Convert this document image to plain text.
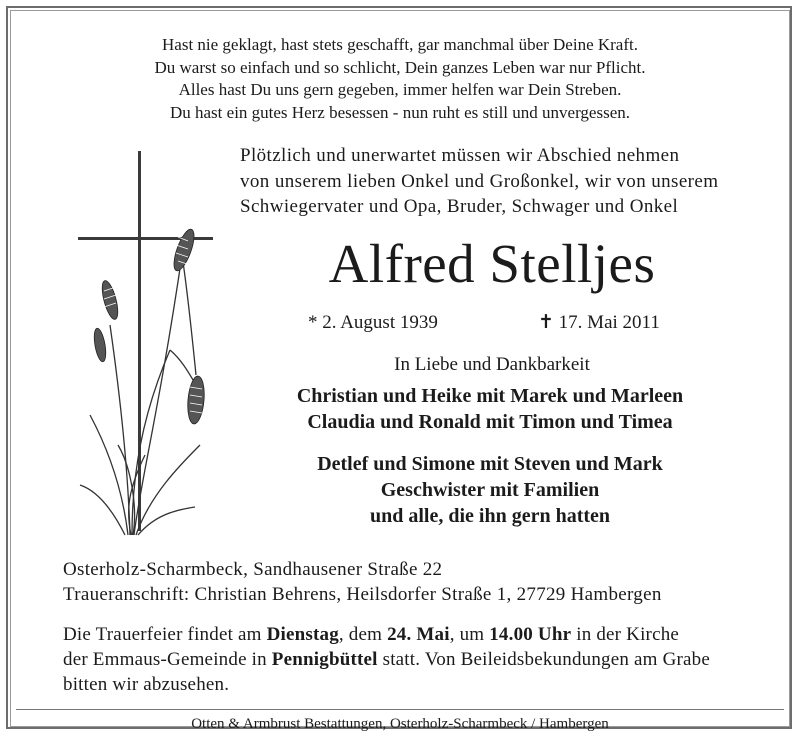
Hast nie geklagt, hast stets geschafft, gar manchmal über Deine Kraft.
Du warst so einfach und so schlicht, Dein ganzes Leben war nur Pflicht.
Alles hast Du uns gern gegeben, immer helfen war Dein Streben.
Du hast ein gutes Herz besessen - nun ruht es still und unvergessen.
Plötzlich und unerwartet müssen wir Abschied nehmen
von unserem lieben Onkel und Großonkel, wir von unserem
Schwiegervater und Opa, Bruder, Schwager und Onkel
Alfred Stelljes
* 2. August 1939	✝ 17. Mai 2011
In Liebe und Dankbarkeit
Christian und Heike mit Marek und Marleen
Claudia und Ronald mit Timon und Timea
Detlef und Simone mit Steven und Mark
Geschwister mit Familien
und alle, die ihn gern hatten
Osterholz-Scharmbeck, Sandhausener Straße 22
Traueranschrift: Christian Behrens, Heilsdorfer Straße 1, 27729 Hambergen
Die Trauerfeier findet am Dienstag, dem 24. Mai, um 14.00 Uhr in der Kirche
der Emmaus-Gemeinde in Pennigbüttel statt. Von Beileidsbekundungen am Grabe
bitten wir abzusehen.
Otten & Armbrust Bestattungen, Osterholz-Scharmbeck / Hambergen
